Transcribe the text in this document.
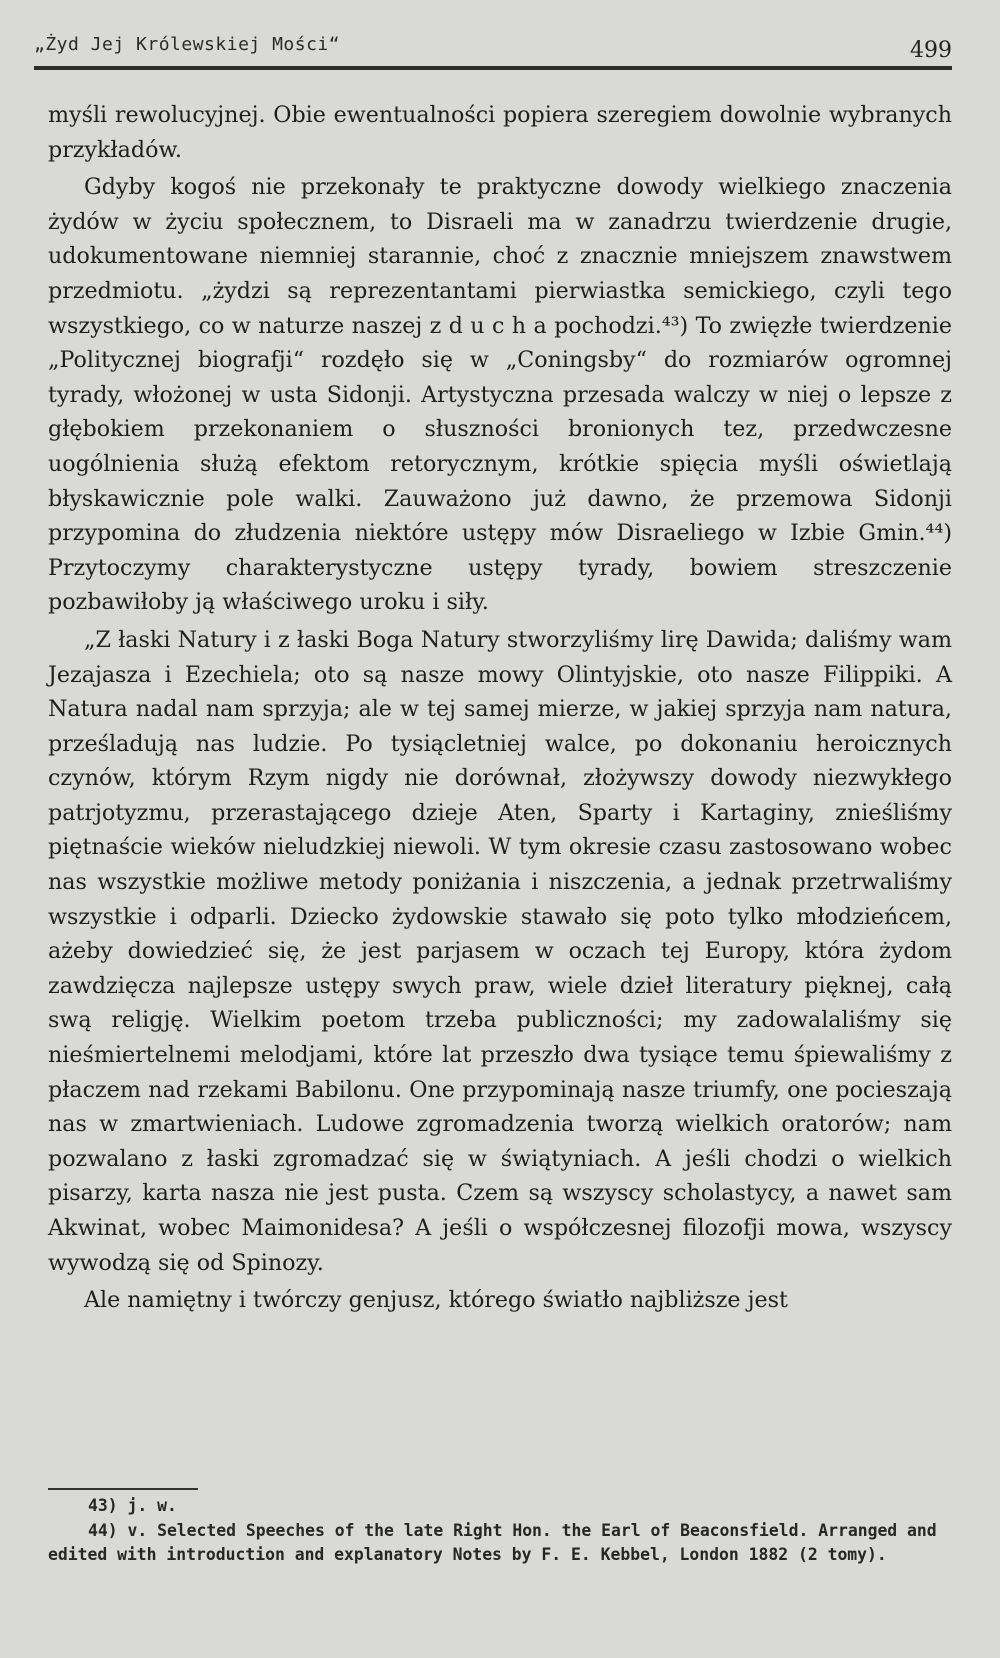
„Żyd Jej Królewskiej Mości“	499

myśli rewolucyjnej. Obie ewentualności popiera szeregiem dowolnie wybranych przykładów.

Gdyby kogoś nie przekonały te praktyczne dowody wielkiego znaczenia żydów w życiu społecznem, to Disraeli ma w zanadrzu twierdzenie drugie, udokumentowane niemniej starannie, choć z znacznie mniejszem znawstwem przedmiotu. „żydzi są reprezentantami pierwiastka semickiego, czyli tego wszystkiego, co w naturze naszej z d u c h a pochodzi.⁴³) To zwięzłe twierdzenie „Politycznej biografji“ rozdęło się w „Coningsby“ do rozmiarów ogromnej tyrady, włożonej w usta Sidonji. Artystyczna przesada walczy w niej o lepsze z głębokiem przekonaniem o słuszności bronionych tez, przedwczesne uogólnienia służą efektom retorycznym, krótkie spięcia myśli oświetlają błyskawicznie pole walki. Zauważono już dawno, że przemowa Sidonji przypomina do złudzenia niektóre ustępy mów Disraeliego w Izbie Gmin.⁴⁴) Przytoczymy charakterystyczne ustępy tyrady, bowiem streszczenie pozbawiłoby ją właściwego uroku i siły.

„Z łaski Natury i z łaski Boga Natury stworzyliśmy lirę Dawida; daliśmy wam Jezajasza i Ezechiela; oto są nasze mowy Olintyjskie, oto nasze Filippiki. A Natura nadal nam sprzyja; ale w tej samej mierze, w jakiej sprzyja nam natura, prześladują nas ludzie. Po tysiącletniej walce, po dokonaniu heroicznych czynów, którym Rzym nigdy nie dorównał, złożywszy dowody niezwykłego patrjotyzmu, przerastającego dzieje Aten, Sparty i Kartaginy, znieśliśmy piętnaście wieków nieludzkiej niewoli. W tym okresie czasu zastosowano wobec nas wszystkie możliwe metody poniżania i niszczenia, a jednak przetrwaliśmy wszystkie i odparli. Dziecko żydowskie stawało się poto tylko młodzieńcem, ażeby dowiedzieć się, że jest parjasem w oczach tej Europy, która żydom zawdzięcza najlepsze ustępy swych praw, wiele dzieł literatury pięknej, całą swą religję. Wielkim poetom trzeba publiczności; my zadowalaliśmy się nieśmiertelnemi melodjami, które lat przeszło dwa tysiące temu śpiewaliśmy z płaczem nad rzekami Babilonu. One przypominają nasze triumfy, one pocieszają nas w zmartwieniach. Ludowe zgromadzenia tworzą wielkich oratorów; nam pozwalano z łaski zgromadzać się w świątyniach. A jeśli chodzi o wielkich pisarzy, karta nasza nie jest pusta. Czem są wszyscy scholastycy, a nawet sam Akwinat, wobec Maimonidesa? A jeśli o współczesnej filozofji mowa, wszyscy wywodzą się od Spinozy.

Ale namiętny i twórczy genjusz, którego światło najbliższe jest

43) j. w.

44) v. Selected Speeches of the late Right Hon. the Earl of Beaconsfield. Arranged and edited with introduction and explanatory Notes by F. E. Kebbel, London 1882 (2 tomy).
